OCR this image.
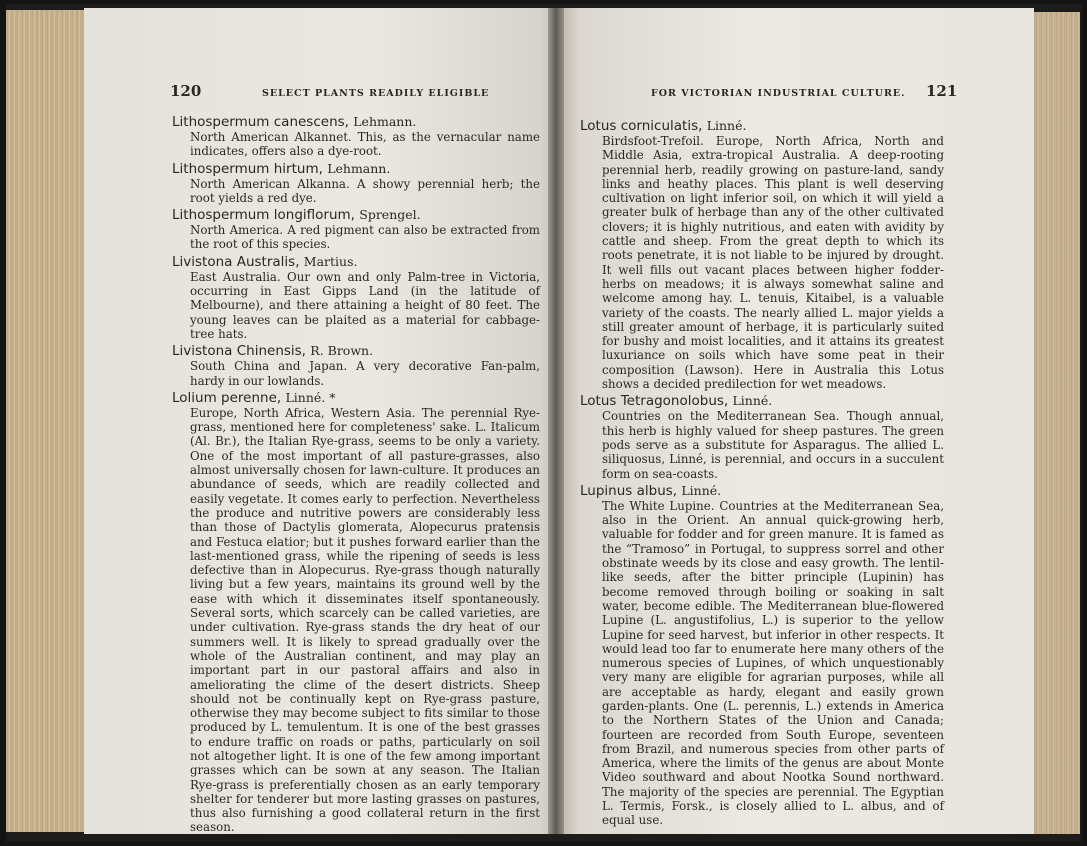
120	SELECT PLANTS READILY ELIGIBLE	FOR VICTORIAN INDUSTRIAL CULTURE. 121
Lithospermum canescens, Lehmann.

North American Alkannet. This, as the vernacular name indicates, offers also a dye-root.

Lithospermum hirtum, Lehmann.

North American Alkanna. A showy perennial herb; the root yields a red dye.

Lithospermum longiflorum, Sprengel.

North America. A red pigment can also be extracted from the root of this species.

Livistona Australis, Martius.

East Australia. Our own and only Palm-tree in Victoria, occurring in East Gipps Land (in the latitude of Melbourne), and there attaining a height of 80 feet. The young leaves can be plaited as a material for cabbage-tree hats.

Livistona Chinensis, R. Brown.

South China and Japan. A very decorative Fan-palm, hardy in our lowlands.

Lolium perenne, Linné. *

Europe, North Africa, Western Asia. The perennial Rye-grass, mentioned here for completeness' sake. L. Italicum (Al. Br.), the Italian Rye-grass, seems to be only a variety. One of the most important of all pasture-grasses, also almost universally chosen for lawn-culture. It produces an abundance of seeds, which are readily collected and easily vegetate. It comes early to perfection. Nevertheless the produce and nutritive powers are considerably less than those of Dactylis glomerata, Alopecurus pratensis and Festuca elatior; but it pushes forward earlier than the last-mentioned grass, while the ripening of seeds is less defective than in Alopecurus. Rye-grass though naturally living but a few years, maintains its ground well by the ease with which it disseminates itself spontaneously. Several sorts, which scarcely can be called varieties, are under cultivation. Rye-grass stands the dry heat of our summers well. It is likely to spread gradually over the whole of the Australian continent, and may play an important part in our pastoral affairs and also in ameliorating the clime of the desert districts. Sheep should not be continually kept on Rye-grass pasture, otherwise they may become subject to fits similar to those produced by L. temulentum. It is one of the best grasses to endure traffic on roads or paths, particularly on soil not altogether light. It is one of the few among important grasses which can be sown at any season. The Italian Rye-grass is preferentially chosen as an early temporary shelter for tenderer but more lasting grasses on pastures, thus also furnishing a good collateral return in the first season.

Lotus corniculatis, Linné.

Birdsfoot-Trefoil. Europe, North Africa, North and Middle Asia, extra-tropical Australia. A deep-rooting perennial herb, readily growing on pasture-land, sandy links and heathy places. This plant is well deserving cultivation on light inferior soil, on which it will yield a greater bulk of herbage than any of the other cultivated clovers; it is highly nutritious, and eaten with avidity by cattle and sheep. From the great depth to which its roots penetrate, it is not liable to be injured by drought. It well fills out vacant places between higher fodder-herbs on meadows; it is always somewhat saline and welcome among hay. L. tenuis, Kitaibel, is a valuable variety of the coasts. The nearly allied L. major yields a still greater amount of herbage, it is particularly suited for bushy and moist localities, and it attains its greatest luxuriance on soils which have some peat in their composition (Lawson). Here in Australia this Lotus shows a decided predilection for wet meadows.

Lotus Tetragonolobus, Linné.

Countries on the Mediterranean Sea. Though annual, this herb is highly valued for sheep pastures. The green pods serve as a substitute for Asparagus. The allied L. siliquosus, Linné, is perennial, and occurs in a succulent form on sea-coasts.

Lupinus albus, Linné.

The White Lupine. Countries at the Mediterranean Sea, also in the Orient. An annual quick-growing herb, valuable for fodder and for green manure. It is famed as the “Tramoso” in Portugal, to suppress sorrel and other obstinate weeds by its close and easy growth. The lentil-like seeds, after the bitter principle (Lupinin) has become removed through boiling or soaking in salt water, become edible. The Mediterranean blue-flowered Lupine (L. angustifolius, L.) is superior to the yellow Lupine for seed harvest, but inferior in other respects. It would lead too far to enumerate here many others of the numerous species of Lupines, of which unquestionably very many are eligible for agrarian purposes, while all are acceptable as hardy, elegant and easily grown garden-plants. One (L. perennis, L.) extends in America to the Northern States of the Union and Canada; fourteen are recorded from South Europe, seventeen from Brazil, and numerous species from other parts of America, where the limits of the genus are about Monte Video southward and about Nootka Sound northward. The majority of the species are perennial. The Egyptian L. Termis, Forsk., is closely allied to L. albus, and of equal use.
